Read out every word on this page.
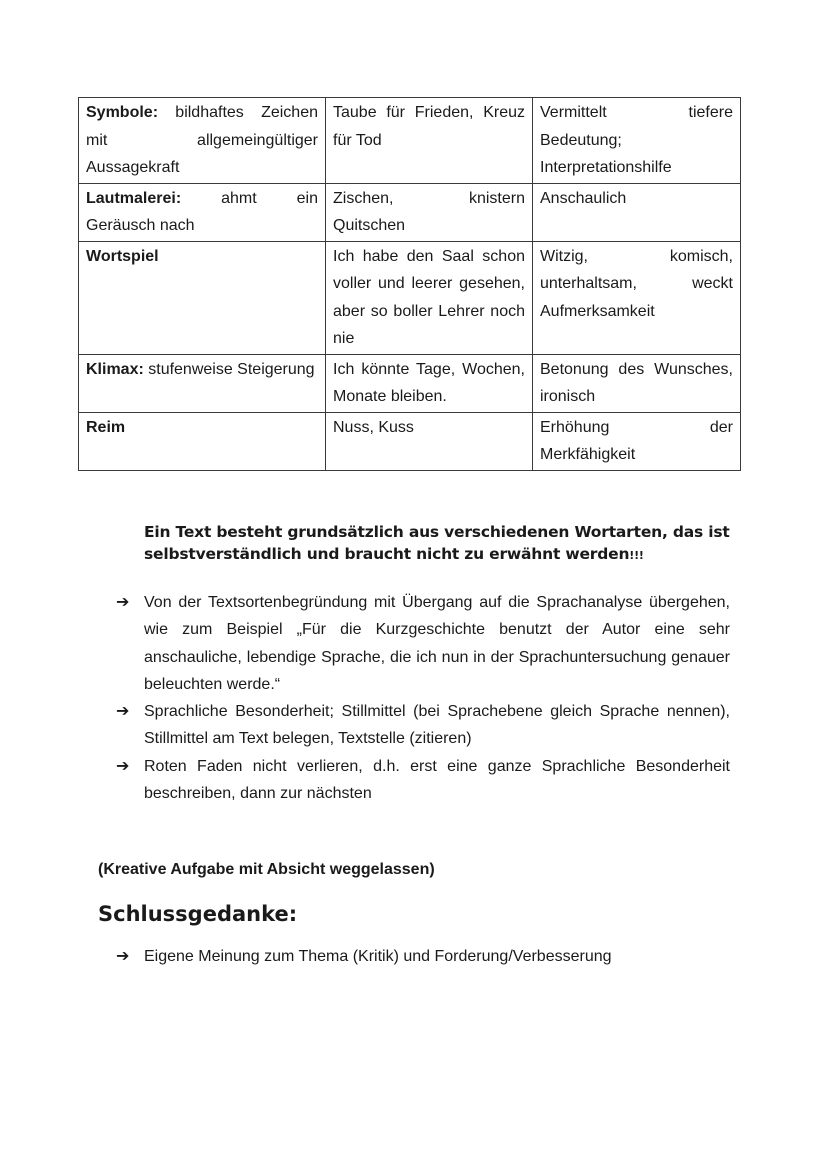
Symbole: bildhaftes Zeichen mit allgemeingültiger Aussagekraft	Taube für Frieden, Kreuz für Tod	Vermittelt tiefere Bedeutung; Interpretationshilfe
Lautmalerei: ahmt ein Geräusch nach	Zischen, knistern Quitschen	Anschaulich
Wortspiel	Ich habe den Saal schon voller und leerer gesehen, aber so boller Lehrer noch nie	Witzig, komisch, unterhaltsam, weckt Aufmerksamkeit
Klimax: stufenweise Steigerung	Ich könnte Tage, Wochen, Monate bleiben.	Betonung des Wunsches, ironisch
Reim	Nuss, Kuss	Erhöhung der Merkfähigkeit
Ein Text besteht grundsätzlich aus verschiedenen Wortarten, das ist selbstverständlich und braucht nicht zu erwähnt werden!!!
➔ Von der Textsortenbegründung mit Übergang auf die Sprachanalyse übergehen, wie zum Beispiel „Für die Kurzgeschichte benutzt der Autor eine sehr anschauliche, lebendige Sprache, die ich nun in der Sprachuntersuchung genauer beleuchten werde.“
➔ Sprachliche Besonderheit; Stillmittel (bei Sprachebene gleich Sprache nennen), Stillmittel am Text belegen, Textstelle (zitieren)
➔ Roten Faden nicht verlieren, d.h. erst eine ganze Sprachliche Besonderheit beschreiben, dann zur nächsten
(Kreative Aufgabe mit Absicht weggelassen)
Schlussgedanke:
➔ Eigene Meinung zum Thema (Kritik) und Forderung/Verbesserung
